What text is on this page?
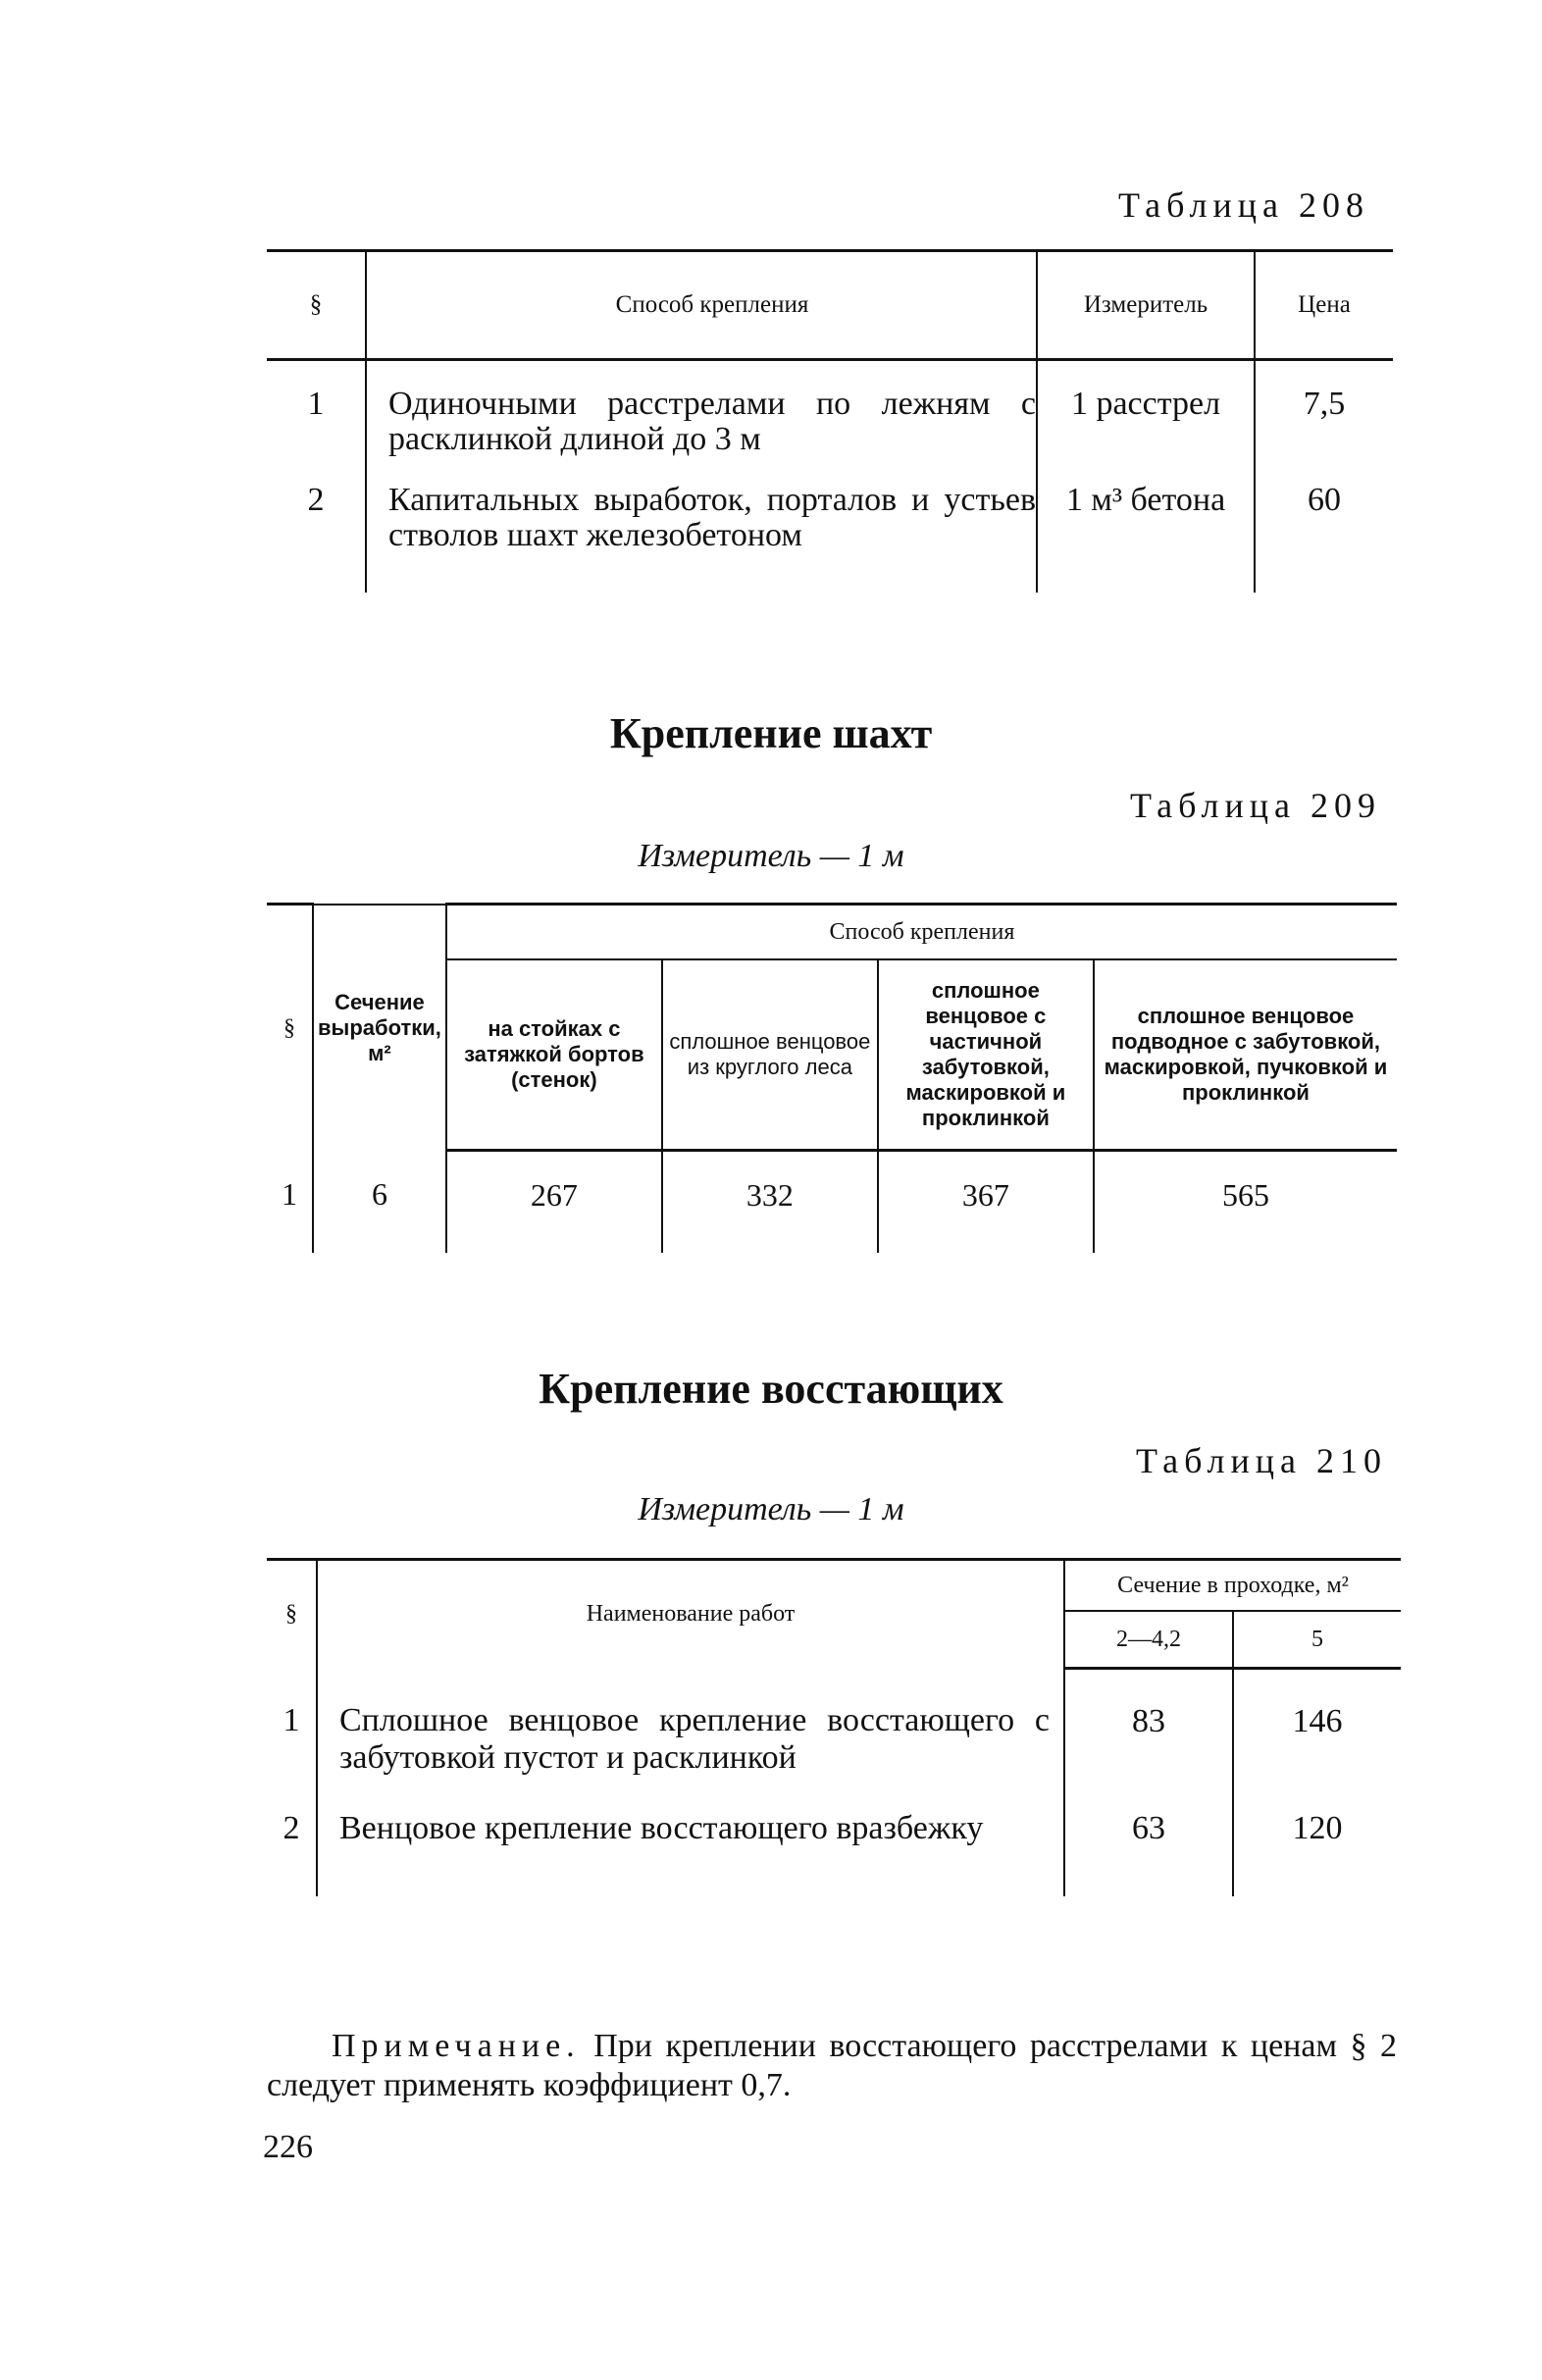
Таблица 208
§	Способ крепления	Измеритель	Цена
1	Одиночными расстрелами по лежням с расклинкой длиной до 3 м	1 расстрел	7,5
2	Капитальных выработок, порталов и устьев стволов шахт железобетоном	1 м³ бетона	60
Крепление шахт
Таблица 209
Измеритель — 1 м
§	Сечение выработки, м²	Способ крепления			
		на стойках с затяжкой бортов (стенок)	сплошное венцовое из круглого леса	сплошное венцовое с частичной забутовкой, маскировкой и проклинкой	сплошное венцовое подводное с забутовкой, маскировкой, пучковкой и проклинкой
1	6	267	332	367	565
Крепление восстающих
Таблица 210
Измеритель — 1 м
§	Наименование работ	Сечение в проходке, м²	
		2—4,2	5
1	Сплошное венцовое крепление восстающего с забутовкой пустот и расклинкой	83	146
2	Венцовое крепление восстающего вразбежку	63	120
Примечание. При креплении восстающего расстрелами к ценам § 2 следует применять коэффициент 0,7.
226
